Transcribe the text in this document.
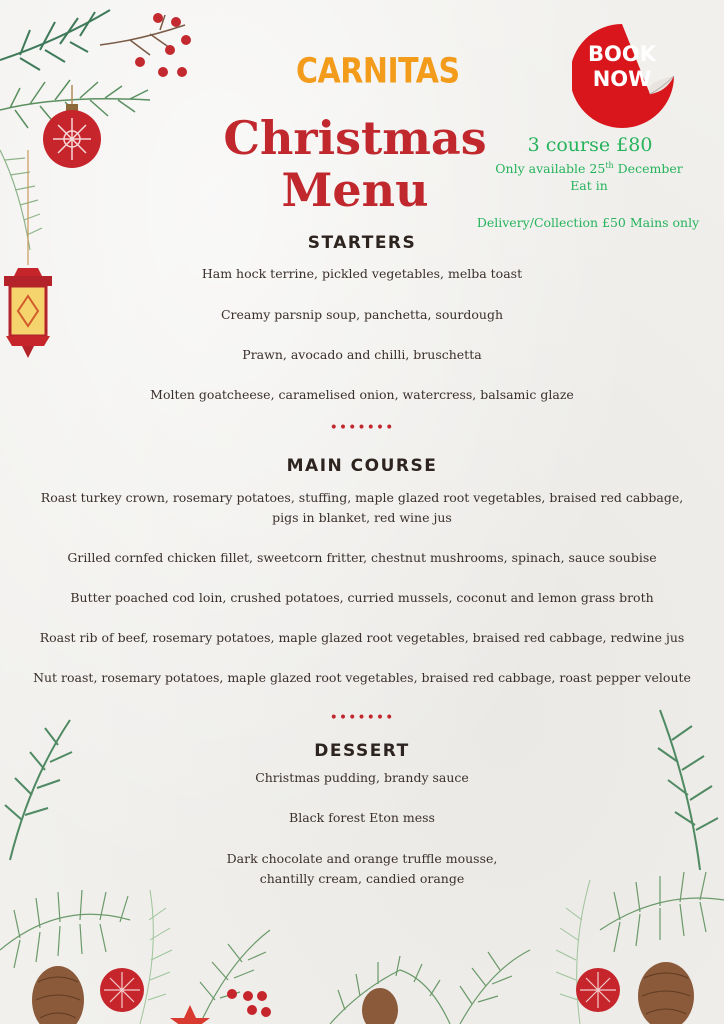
CARNITAS
Christmas
Menu
BOOK
NOW
3 course £80
Only available 25th December
Eat in
Delivery/Collection £50 Mains only
STARTERS
Ham hock terrine, pickled vegetables, melba toast
Creamy parsnip soup, panchetta, sourdough
Prawn, avocado and chilli, bruschetta
Molten goatcheese, caramelised onion, watercress, balsamic glaze
•••••••
MAIN COURSE
Roast turkey crown, rosemary potatoes, stuffing, maple glazed root vegetables, braised red cabbage,
pigs in blanket, red wine jus
Grilled cornfed chicken fillet, sweetcorn fritter, chestnut mushrooms, spinach, sauce soubise
Butter poached cod loin, crushed potatoes, curried mussels, coconut and lemon grass broth
Roast rib of beef, rosemary potatoes, maple glazed root vegetables, braised red cabbage, redwine jus
Nut roast, rosemary potatoes, maple glazed root vegetables, braised red cabbage, roast pepper veloute
•••••••
DESSERT
Christmas pudding, brandy sauce
Black forest Eton mess
Dark chocolate and orange truffle mousse,
chantilly cream, candied orange
